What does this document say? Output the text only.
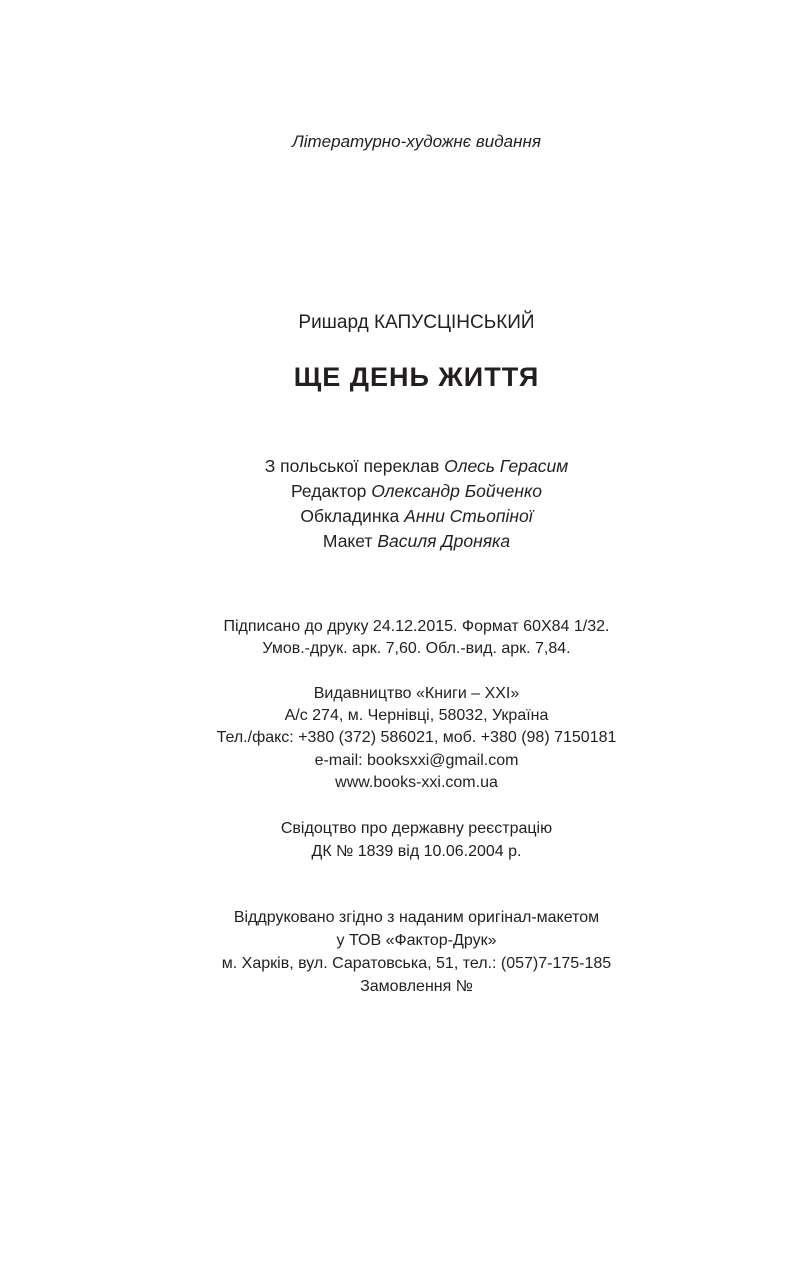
Літературно-художнє видання
Ришард КАПУСЦІНСЬКИЙ
ЩЕ ДЕНЬ ЖИТТЯ
З польської переклав Олесь Герасим
Редактор Олександр Бойченко
Обкладинка Анни Стьопіної
Макет Василя Дроняка
Підписано до друку 24.12.2015. Формат 60Х84 1/32.
Умов.-друк. арк. 7,60. Обл.-вид. арк. 7,84.
Видавництво «Книги – ХХІ»
А/с 274, м. Чернівці, 58032, Україна
Тел./факс: +380 (372) 586021, моб. +380 (98) 7150181
e-mail: booksxxi@gmail.com
www.books-xxi.com.ua
Свідоцтво про державну реєстрацію
ДК № 1839 від 10.06.2004 р.
Віддруковано згідно з наданим оригінал-макетом
у ТОВ «Фактор-Друк»
м. Харків, вул. Саратовська, 51, тел.: (057)7-175-185
Замовлення №
